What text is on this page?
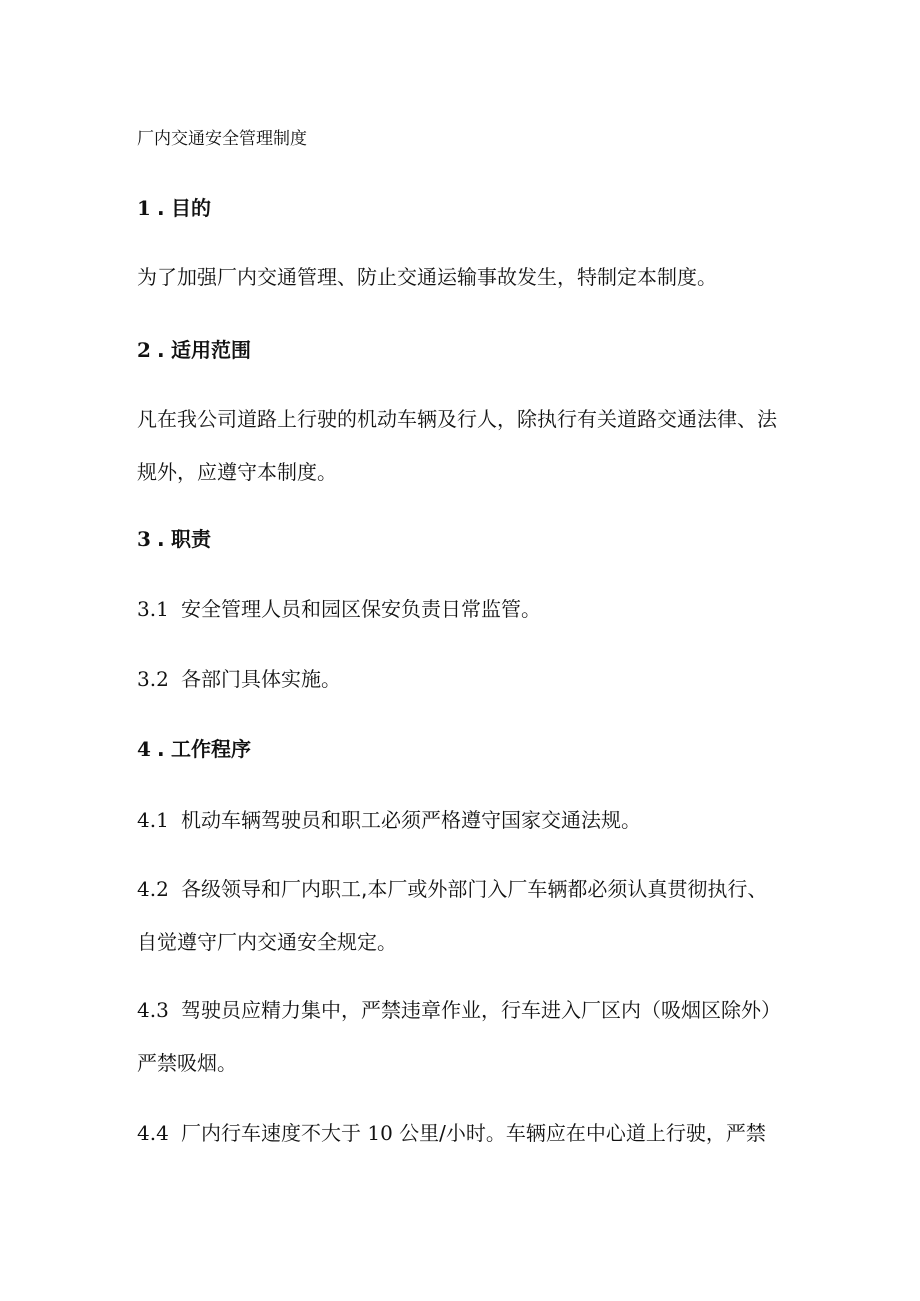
厂内交通安全管理制度
1 . 目的
为了加强厂内交通管理、防止交通运输事故发生，特制定本制度。
2 . 适用范围
凡在我公司道路上行驶的机动车辆及行人，除执行有关道路交通法律、法
规外，应遵守本制度。
3 . 职责
3.1 安全管理人员和园区保安负责日常监管。
3.2 各部门具体实施。
4 . 工作程序
4.1 机动车辆驾驶员和职工必须严格遵守国家交通法规。
4.2 各级领导和厂内职工,本厂或外部门入厂车辆都必须认真贯彻执行、
自觉遵守厂内交通安全规定。
4.3 驾驶员应精力集中，严禁违章作业，行车进入厂区内（吸烟区除外）
严禁吸烟。
4.4 厂内行车速度不大于 10 公里/小时。车辆应在中心道上行驶，严禁
